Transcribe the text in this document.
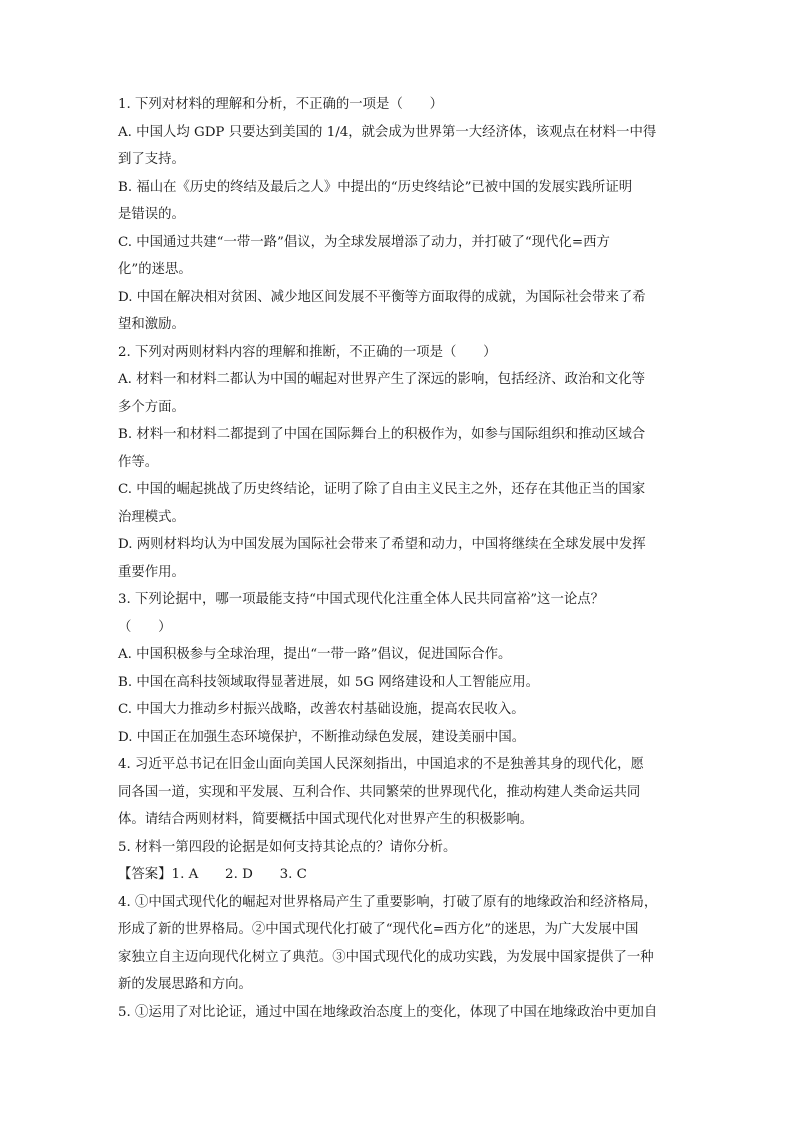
1. 下列对材料的理解和分析，不正确的一项是（　　）
A. 中国人均 GDP 只要达到美国的 1/4，就会成为世界第一大经济体，该观点在材料一中得
到了支持。
B. 福山在《历史的终结及最后之人》中提出的“历史终结论”已被中国的发展实践所证明
是错误的。
C. 中国通过共建“一带一路”倡议，为全球发展增添了动力，并打破了“现代化=西方
化”的迷思。
D. 中国在解决相对贫困、减少地区间发展不平衡等方面取得的成就，为国际社会带来了希
望和激励。
2. 下列对两则材料内容的理解和推断，不正确的一项是（　　）
A. 材料一和材料二都认为中国的崛起对世界产生了深远的影响，包括经济、政治和文化等
多个方面。
B. 材料一和材料二都提到了中国在国际舞台上的积极作为，如参与国际组织和推动区域合
作等。
C. 中国的崛起挑战了历史终结论，证明了除了自由主义民主之外，还存在其他正当的国家
治理模式。
D. 两则材料均认为中国发展为国际社会带来了希望和动力，中国将继续在全球发展中发挥
重要作用。
3. 下列论据中，哪一项最能支持“中国式现代化注重全体人民共同富裕”这一论点？
（　　）
A. 中国积极参与全球治理，提出“一带一路”倡议，促进国际合作。
B. 中国在高科技领域取得显著进展，如 5G 网络建设和人工智能应用。
C. 中国大力推动乡村振兴战略，改善农村基础设施，提高农民收入。
D. 中国正在加强生态环境保护，不断推动绿色发展，建设美丽中国。
4. 习近平总书记在旧金山面向美国人民深刻指出，中国追求的不是独善其身的现代化，愿
同各国一道，实现和平发展、互利合作、共同繁荣的世界现代化，推动构建人类命运共同
体。请结合两则材料，简要概括中国式现代化对世界产生的积极影响。
5. 材料一第四段的论据是如何支持其论点的？请你分析。
【答案】1. A　　2. D　　3. C
4. ①中国式现代化的崛起对世界格局产生了重要影响，打破了原有的地缘政治和经济格局，
形成了新的世界格局。②中国式现代化打破了“现代化=西方化”的迷思，为广大发展中国
家独立自主迈向现代化树立了典范。③中国式现代化的成功实践，为发展中国家提供了一种
新的发展思路和方向。
5. ①运用了对比论证，通过中国在地缘政治态度上的变化，体现了中国在地缘政治中更加自
